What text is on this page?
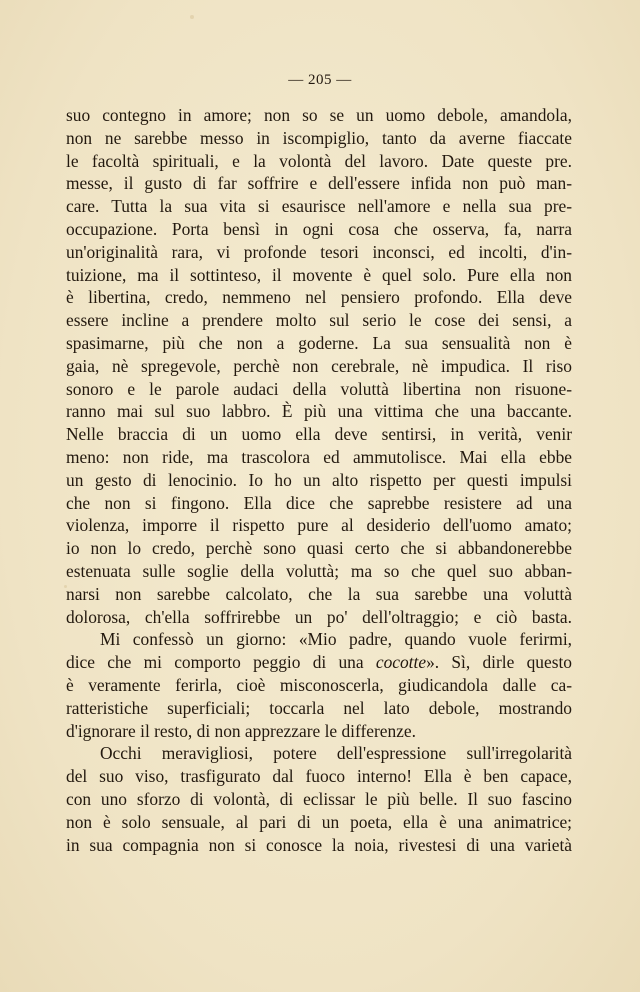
— 205 —
suo contegno in amore; non so se un uomo debole, amandola,
non ne sarebbe messo in iscompiglio, tanto da averne fiaccate
le facoltà spirituali, e la volontà del lavoro. Date queste pre.
messe, il gusto di far soffrire e dell'essere infida non può man-
care. Tutta la sua vita si esaurisce nell'amore e nella sua pre-
occupazione. Porta bensì in ogni cosa che osserva, fa, narra
un'originalità rara, vi profonde tesori inconsci, ed incolti, d'in-
tuizione, ma il sottinteso, il movente è quel solo. Pure ella non
è libertina, credo, nemmeno nel pensiero profondo. Ella deve
essere incline a prendere molto sul serio le cose dei sensi, a
spasimarne, più che non a goderne. La sua sensualità non è
gaia, nè spregevole, perchè non cerebrale, nè impudica. Il riso
sonoro e le parole audaci della voluttà libertina non risuone-
ranno mai sul suo labbro. È più una vittima che una baccante.
Nelle braccia di un uomo ella deve sentirsi, in verità, venir
meno: non ride, ma trascolora ed ammutolisce. Mai ella ebbe
un gesto di lenocinio. Io ho un alto rispetto per questi impulsi
che non si fingono. Ella dice che saprebbe resistere ad una
violenza, imporre il rispetto pure al desiderio dell'uomo amato;
io non lo credo, perchè sono quasi certo che si abbandonerebbe
estenuata sulle soglie della voluttà; ma so che quel suo abban-
narsi non sarebbe calcolato, che la sua sarebbe una voluttà
dolorosa, ch'ella soffrirebbe un po' dell'oltraggio; e ciò basta.
Mi confessò un giorno: «Mio padre, quando vuole ferirmi,
dice che mi comporto peggio di una cocotte». Sì, dirle questo
è veramente ferirla, cioè misconoscerla, giudicandola dalle ca-
ratteristiche superficiali; toccarla nel lato debole, mostrando
d'ignorare il resto, di non apprezzare le differenze.
Occhi meravigliosi, potere dell'espressione sull'irregolarità
del suo viso, trasfigurato dal fuoco interno! Ella è ben capace,
con uno sforzo di volontà, di eclissar le più belle. Il suo fascino
non è solo sensuale, al pari di un poeta, ella è una animatrice;
in sua compagnia non si conosce la noia, rivestesi di una varietà
